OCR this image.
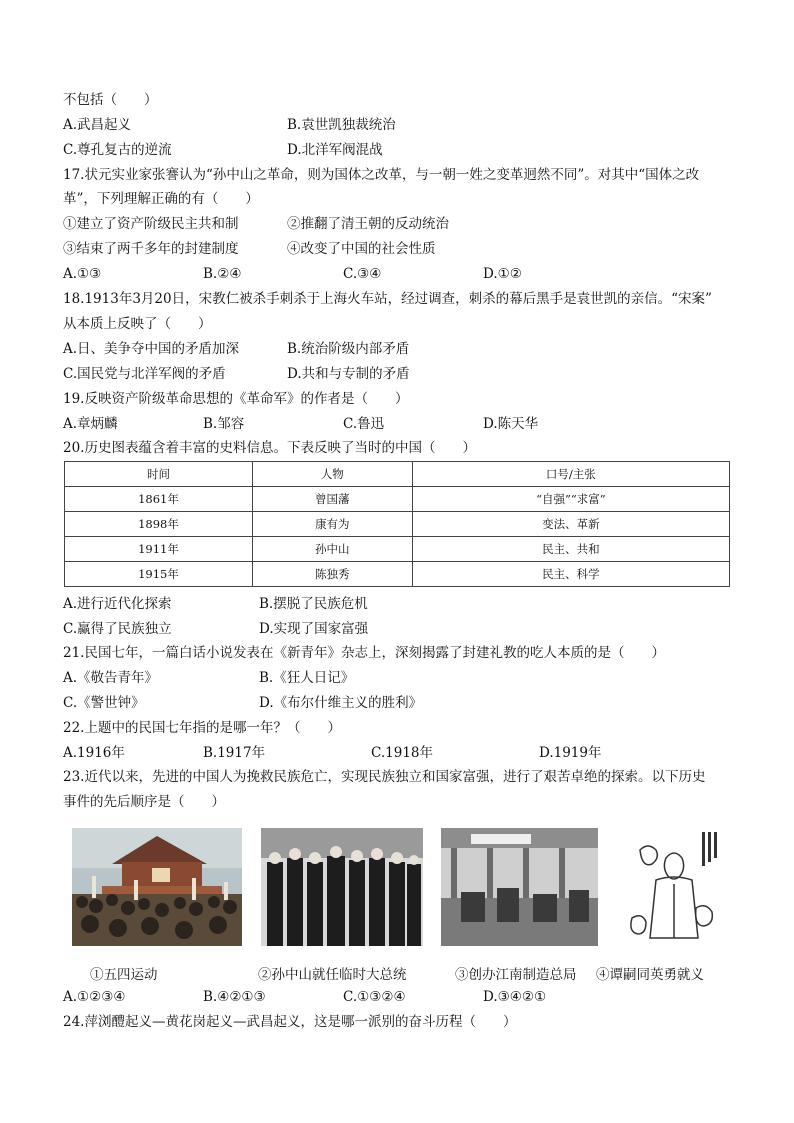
不包括（　　）
A.武昌起义	B.袁世凯独裁统治
C.尊孔复古的逆流	D.北洋军阀混战
17.状元实业家张謇认为“孙中山之革命，则为国体之改革，与一朝一姓之变革迥然不同”。对其中“国体之改
革”，下列理解正确的有（　　）
①建立了资产阶级民主共和制	②推翻了清王朝的反动统治
③结束了两千多年的封建制度	④改变了中国的社会性质
A.①③	B.②④	C.③④	D.①②
18.1913年3月20日，宋教仁被杀手刺杀于上海火车站，经过调查，刺杀的幕后黑手是袁世凯的亲信。“宋案”
从本质上反映了（　　）
A.日、美争夺中国的矛盾加深	B.统治阶级内部矛盾
C.国民党与北洋军阀的矛盾	D.共和与专制的矛盾
19.反映资产阶级革命思想的《革命军》的作者是（　　）
A.章炳麟	B.邹容	C.鲁迅	D.陈天华
20.历史图表蕴含着丰富的史料信息。下表反映了当时的中国（　　）
时间	人物	口号/主张
1861年	曾国藩	“自强”“求富”
1898年	康有为	变法、革新
1911年	孙中山	民主、共和
1915年	陈独秀	民主、科学
A.进行近代化探索	B.摆脱了民族危机
C.赢得了民族独立	D.实现了国家富强
21.民国七年，一篇白话小说发表在《新青年》杂志上，深刻揭露了封建礼教的吃人本质的是（　　）
A.《敬告青年》	B.《狂人日记》
C.《警世钟》	D.《布尔什维主义的胜利》
22.上题中的民国七年指的是哪一年？（　　）
A.1916年	B.1917年	C.1918年	D.1919年
23.近代以来，先进的中国人为挽救民族危亡，实现民族独立和国家富强，进行了艰苦卓绝的探索。以下历史
事件的先后顺序是（　　）
①五四运动	②孙中山就任临时大总统	③创办江南制造总局 ④谭嗣同英勇就义
A.①②③④	B.④②①③	C.①③②④	D.③④②①
24.萍浏醴起义—黄花岗起义—武昌起义，这是哪一派别的奋斗历程（　　）
